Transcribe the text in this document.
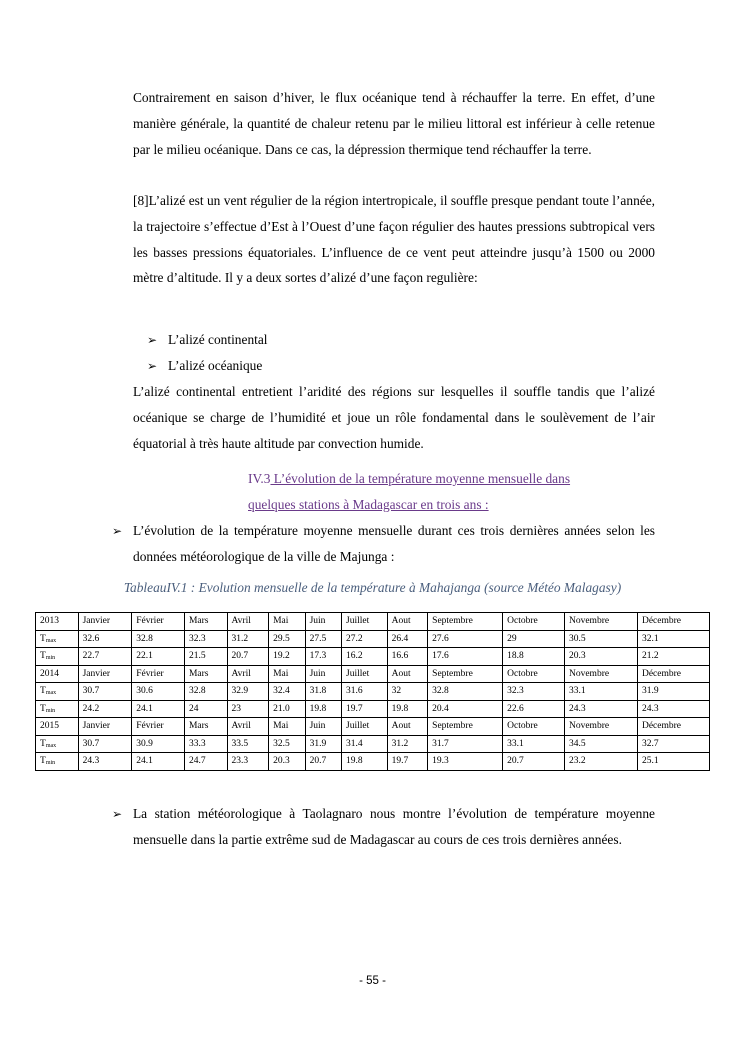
Contrairement en saison d’hiver, le flux océanique tend à réchauffer la terre. En effet, d’une manière générale, la quantité de chaleur retenu par le milieu littoral est inférieur à celle retenue par le milieu océanique. Dans ce cas, la dépression thermique tend réchauffer la terre.

[8]L’alizé est un vent régulier de la région intertropicale, il souffle presque pendant toute l’année, la trajectoire s’effectue d’Est à l’Ouest d’une façon régulier des hautes pressions subtropical vers les basses pressions équatoriales. L’influence de ce vent peut atteindre jusqu’à 1500 ou 2000 mètre d’altitude. Il y a deux sortes d’alizé d’une façon regulière:

➢ L’alizé continental
➢ L’alizé océanique

L’alizé continental entretient l’aridité des régions sur lesquelles il souffle tandis que l’alizé océanique se charge de l’humidité et joue un rôle fondamental dans le soulèvement de l’air équatorial à très haute altitude par convection humide.

IV.3 L’évolution de la température moyenne mensuelle dans
quelques stations à Madagascar en trois ans :
➢ L’évolution de la température moyenne mensuelle durant ces trois dernières années selon les données météorologique de la ville de Majunga :

TableauIV.1 : Evolution mensuelle de la température à Mahajanga (source Météo Malagasy)
2013	Janvier	Février	Mars	Avril	Mai	Juin	Juillet	Aout	Septembre	Octobre	Novembre	Décembre
Tmax	32.6	32.8	32.3	31.2	29.5	27.5	27.2	26.4	27.6	29	30.5	32.1
Tmin	22.7	22.1	21.5	20.7	19.2	17.3	16.2	16.6	17.6	18.8	20.3	21.2
2014	Janvier	Février	Mars	Avril	Mai	Juin	Juillet	Aout	Septembre	Octobre	Novembre	Décembre
Tmax	30.7	30.6	32.8	32.9	32.4	31.8	31.6	32	32.8	32.3	33.1	31.9
Tmin	24.2	24.1	24	23	21.0	19.8	19.7	19.8	20.4	22.6	24.3	24.3
2015	Janvier	Février	Mars	Avril	Mai	Juin	Juillet	Aout	Septembre	Octobre	Novembre	Décembre
Tmax	30.7	30.9	33.3	33.5	32.5	31.9	31.4	31.2	31.7	33.1	34.5	32.7
Tmin	24.3	24.1	24.7	23.3	20.3	20.7	19.8	19.7	19.3	20.7	23.2	25.1
➢ La station météorologique à Taolagnaro nous montre l’évolution de température moyenne mensuelle dans la partie extrême sud de Madagascar au cours de ces trois dernières années.

- 55 -
